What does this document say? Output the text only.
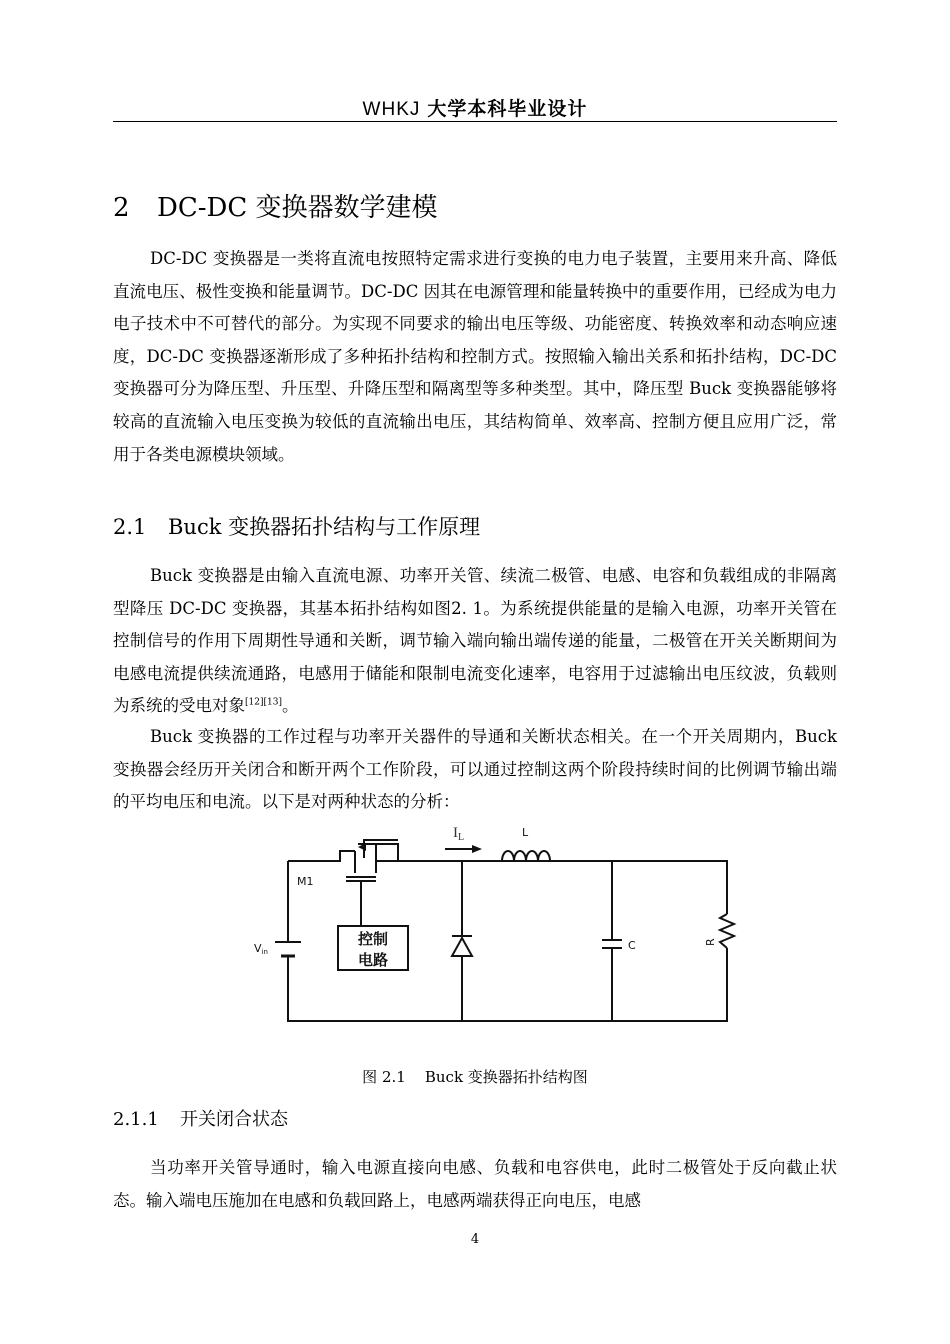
WHKJ 大学本科毕业设计
2 DC-DC 变换器数学建模

DC-DC 变换器是一类将直流电按照特定需求进行变换的电力电子装置，主要用来升高、降低直流电压、极性变换和能量调节。DC-DC 因其在电源管理和能量转换中的重要作用，已经成为电力电子技术中不可替代的部分。为实现不同要求的输出电压等级、功能密度、转换效率和动态响应速度，DC-DC 变换器逐渐形成了多种拓扑结构和控制方式。按照输入输出关系和拓扑结构，DC-DC 变换器可分为降压型、升压型、升降压型和隔离型等多种类型。其中，降压型 Buck 变换器能够将较高的直流输入电压变换为较低的直流输出电压，其结构简单、效率高、控制方便且应用广泛，常用于各类电源模块领域。

2.1 Buck 变换器拓扑结构与工作原理

Buck 变换器是由输入直流电源、功率开关管、续流二极管、电感、电容和负载组成的非隔离型降压 DC-DC 变换器，其基本拓扑结构如图2. 1。为系统提供能量的是输入电源，功率开关管在控制信号的作用下周期性导通和关断，调节输入端向输出端传递的能量，二极管在开关关断期间为电感电流提供续流通路，电感用于储能和限制电流变化速率，电容用于过滤输出电压纹波，负载则为系统的受电对象[12][13]。

Buck 变换器的工作过程与功率开关器件的导通和关断状态相关。在一个开关周期内，Buck 变换器会经历开关闭合和断开两个工作阶段，可以通过控制这两个阶段持续时间的比例调节输出端的平均电压和电流。以下是对两种状态的分析：

控制
电路
$I_L$	L
M1
Vin	C	R
图 2.1    Buck 变换器拓扑结构图
2.1.1 开关闭合状态

当功率开关管导通时，输入电源直接向电感、负载和电容供电，此时二极管处于反向截止状态。输入端电压施加在电感和负载回路上，电感两端获得正向电压，电感

4
